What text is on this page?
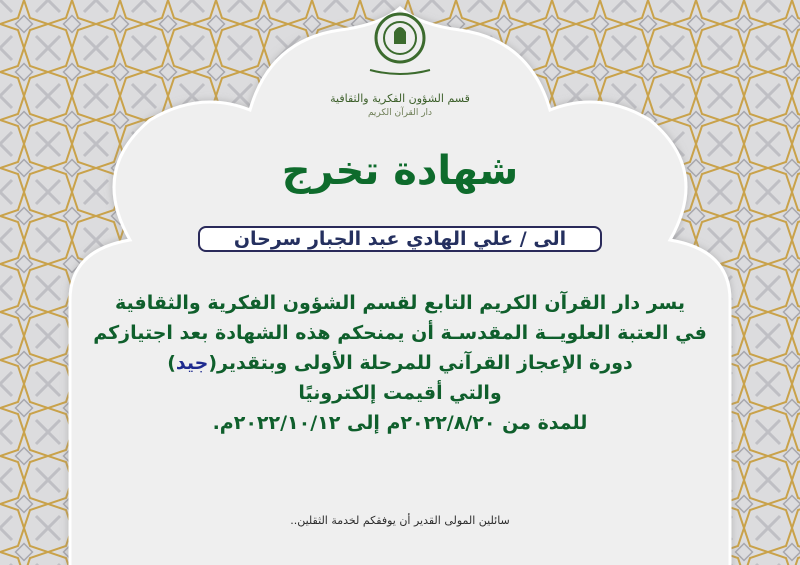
قسم الشؤون الفكرية والثقافية
دار القرآن الكريم
شهادة تخرج
الى / علي الهادي عبد الجبار سرحان
يسر دار القرآن الكريم التابع لقسم الشؤون الفكرية والثقافية
في العتبة العلويــة المقدسـة أن يمنحكم هذه الشهادة بعد اجتيازكم
دورة الإعجاز القرآني للمرحلة الأولى وبتقدير(جيد)
والتي أقيمت إلكترونيًا
للمدة من ٢٠٢٢/٨/٢٠م إلى ٢٠٢٢/١٠/١٢م.
سائلين المولى القدير أن يوفقكم لخدمة الثقلين..
